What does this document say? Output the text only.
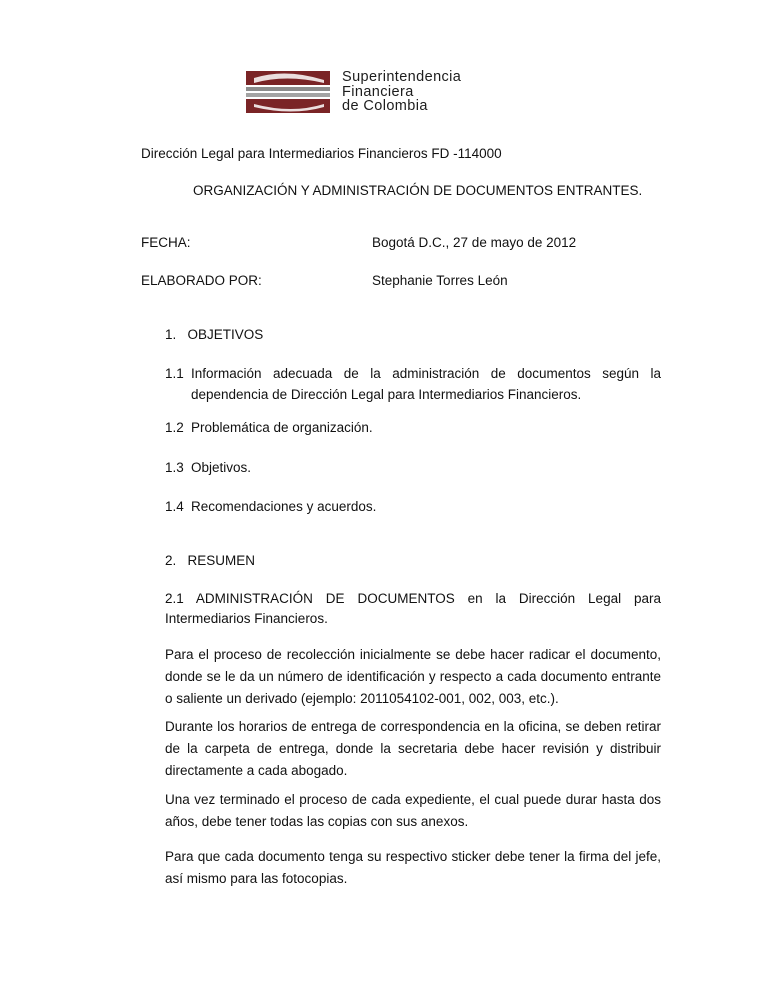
Superintendencia
Financiera
de Colombia
Dirección Legal para Intermediarios Financieros FD -114000
ORGANIZACIÓN Y ADMINISTRACIÓN DE DOCUMENTOS ENTRANTES.
FECHA:	Bogotá D.C., 27 de mayo de 2012
ELABORADO POR:	Stephanie Torres León
1.   OBJETIVOS
1.1 Información adecuada de la administración de documentos según la dependencia de Dirección Legal para Intermediarios Financieros.
1.2 Problemática de organización.
1.3 Objetivos.
1.4 Recomendaciones y acuerdos.
2.   RESUMEN
2.1 ADMINISTRACIÓN DE DOCUMENTOS en la Dirección Legal para
Intermediarios Financieros.
Para el proceso de recolección inicialmente se debe hacer radicar el documento, donde se le da un número de identificación y respecto a cada documento entrante o saliente un derivado (ejemplo: 2011054102-001, 002, 003, etc.).
Durante los horarios de entrega de correspondencia en la oficina, se deben retirar de la carpeta de entrega, donde la secretaria debe hacer revisión y distribuir directamente a cada abogado.
Una vez terminado el proceso de cada expediente, el cual puede durar hasta dos años, debe tener todas las copias con sus anexos.
Para que cada documento tenga su respectivo sticker debe tener la firma del jefe, así mismo para las fotocopias.
